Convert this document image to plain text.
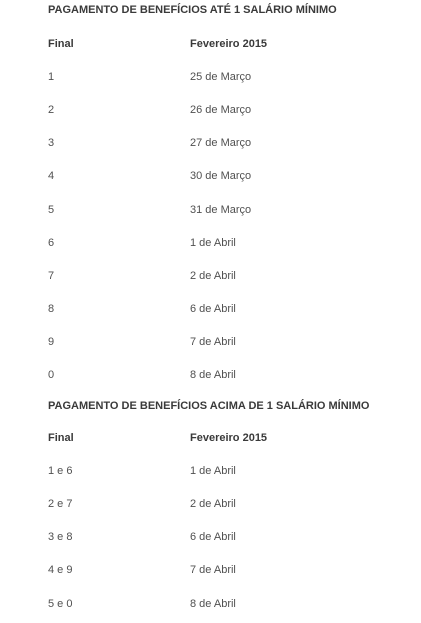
PAGAMENTO DE BENEFÍCIOS ATÉ 1 SALÁRIO MÍNIMO
Final	Fevereiro 2015
1	25 de Março
2	26 de Março
3	27 de Março
4	30 de Março
5	31 de Março
6	1 de Abril
7	2 de Abril
8	6 de Abril
9	7 de Abril
0	8 de Abril
PAGAMENTO DE BENEFÍCIOS ACIMA DE 1 SALÁRIO MÍNIMO
Final	Fevereiro 2015
1 e 6	1 de Abril
2 e 7	2 de Abril
3 e 8	6 de Abril
4 e 9	7 de Abril
5 e 0	8 de Abril
